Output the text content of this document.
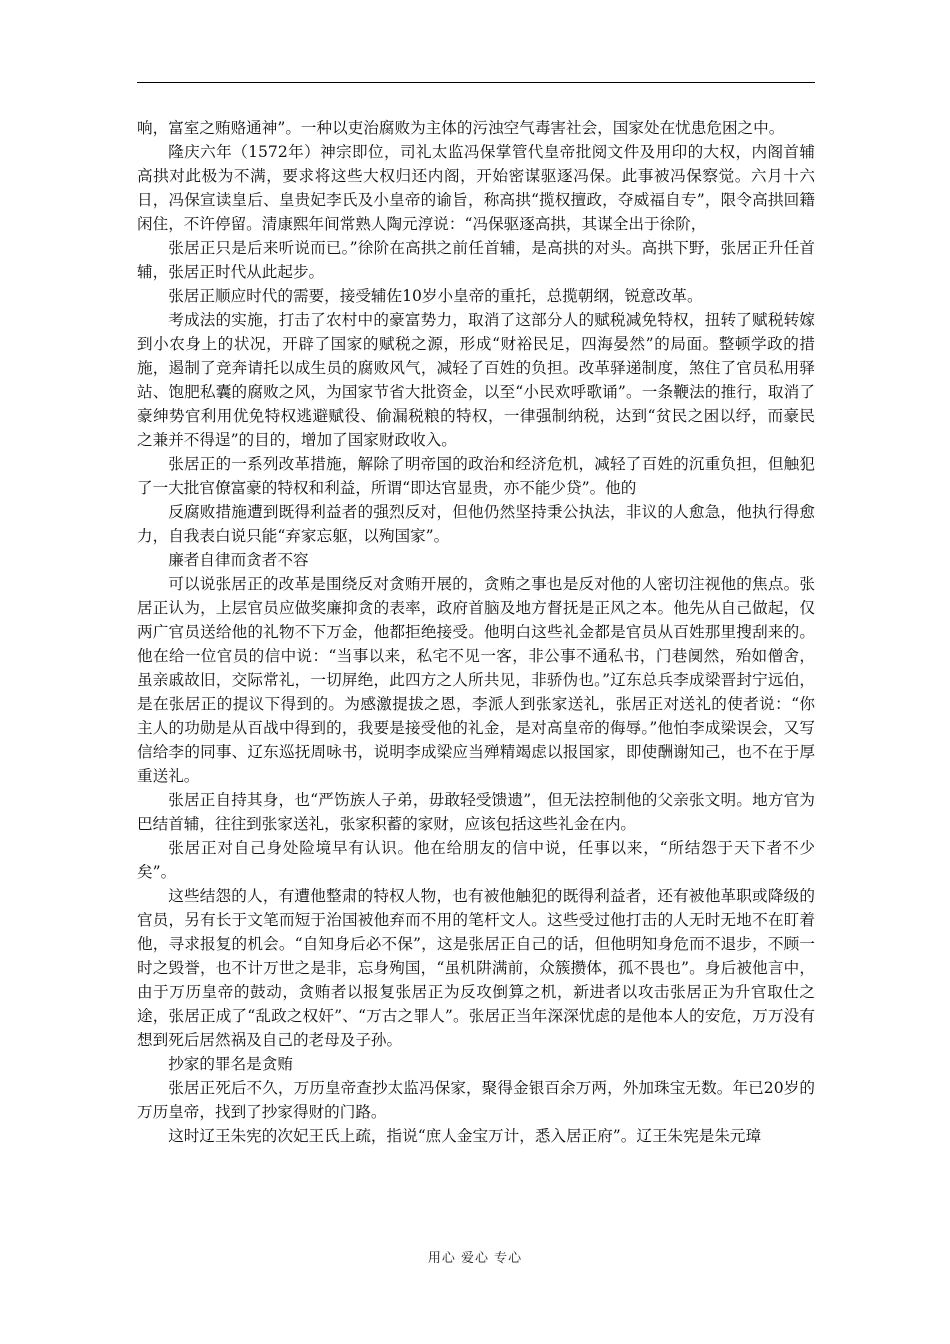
响，富室之贿赂通神”。一种以吏治腐败为主体的污浊空气毒害社会，国家处在忧患危困之中。

隆庆六年（1572年）神宗即位，司礼太监冯保掌管代皇帝批阅文件及用印的大权，内阁首辅高拱对此极为不满，要求将这些大权归还内阁，开始密谋驱逐冯保。此事被冯保察觉。六月十六日，冯保宣读皇后、皇贵妃李氏及小皇帝的谕旨，称高拱“揽权擅政，夺威福自专”，限令高拱回籍闲住，不许停留。清康熙年间常熟人陶元淳说：“冯保驱逐高拱，其谋全出于徐阶，

张居正只是后来听说而已。”徐阶在高拱之前任首辅，是高拱的对头。高拱下野，张居正升任首辅，张居正时代从此起步。

张居正顺应时代的需要，接受辅佐10岁小皇帝的重托，总揽朝纲，锐意改革。

考成法的实施，打击了农村中的豪富势力，取消了这部分人的赋税减免特权，扭转了赋税转嫁到小农身上的状况，开辟了国家的赋税之源，形成“财裕民足，四海晏然”的局面。整顿学政的措施，遏制了竞奔请托以成生员的腐败风气，减轻了百姓的负担。改革驿递制度，煞住了官员私用驿站、饱肥私囊的腐败之风，为国家节省大批资金，以至“小民欢呼歌诵”。一条鞭法的推行，取消了豪绅势官利用优免特权逃避赋役、偷漏税粮的特权，一律强制纳税，达到“贫民之困以纾，而豪民之兼并不得逞”的目的，增加了国家财政收入。

张居正的一系列改革措施，解除了明帝国的政治和经济危机，减轻了百姓的沉重负担，但触犯了一大批官僚富豪的特权和利益，所谓“即达官显贵，亦不能少贷”。他的

反腐败措施遭到既得利益者的强烈反对，但他仍然坚持秉公执法，非议的人愈急，他执行得愈力，自我表白说只能“弃家忘躯，以殉国家”。

廉者自律而贪者不容

可以说张居正的改革是围绕反对贪贿开展的，贪贿之事也是反对他的人密切注视他的焦点。张居正认为，上层官员应做奖廉抑贪的表率，政府首脑及地方督抚是正风之本。他先从自己做起，仅两广官员送给他的礼物不下万金，他都拒绝接受。他明白这些礼金都是官员从百姓那里搜刮来的。他在给一位官员的信中说：“当事以来，私宅不见一客，非公事不通私书，门巷阒然，殆如僧舍，虽亲戚故旧，交际常礼，一切屏绝，此四方之人所共见，非骄伪也。”辽东总兵李成梁晋封宁远伯，是在张居正的提议下得到的。为感激提拔之恩，李派人到张家送礼，张居正对送礼的使者说：“你主人的功勋是从百战中得到的，我要是接受他的礼金，是对高皇帝的侮辱。”他怕李成梁误会，又写信给李的同事、辽东巡抚周咏书，说明李成梁应当殚精竭虑以报国家，即使酬谢知己，也不在于厚重送礼。

张居正自持其身，也“严饬族人子弟，毋敢轻受馈遗”，但无法控制他的父亲张文明。地方官为巴结首辅，往往到张家送礼，张家积蓄的家财，应该包括这些礼金在内。

张居正对自己身处险境早有认识。他在给朋友的信中说，任事以来，“所结怨于天下者不少矣”。

这些结怨的人，有遭他整肃的特权人物，也有被他触犯的既得利益者，还有被他革职或降级的官员，另有长于文笔而短于治国被他弃而不用的笔杆文人。这些受过他打击的人无时无地不在盯着他，寻求报复的机会。“自知身后必不保”，这是张居正自己的话，但他明知身危而不退步，不顾一时之毁誉，也不计万世之是非，忘身殉国，“虽机阱满前，众簇攒体，孤不畏也”。身后被他言中，由于万历皇帝的鼓动，贪贿者以报复张居正为反攻倒算之机，新进者以攻击张居正为升官取仕之途，张居正成了“乱政之权奸”、“万古之罪人”。张居正当年深深忧虑的是他本人的安危，万万没有想到死后居然祸及自己的老母及子孙。

抄家的罪名是贪贿

张居正死后不久，万历皇帝查抄太监冯保家，聚得金银百余万两，外加珠宝无数。年已20岁的万历皇帝，找到了抄家得财的门路。

这时辽王朱宪的次妃王氏上疏，指说“庶人金宝万计，悉入居正府”。辽王朱宪是朱元璋

用心 爱心 专心
